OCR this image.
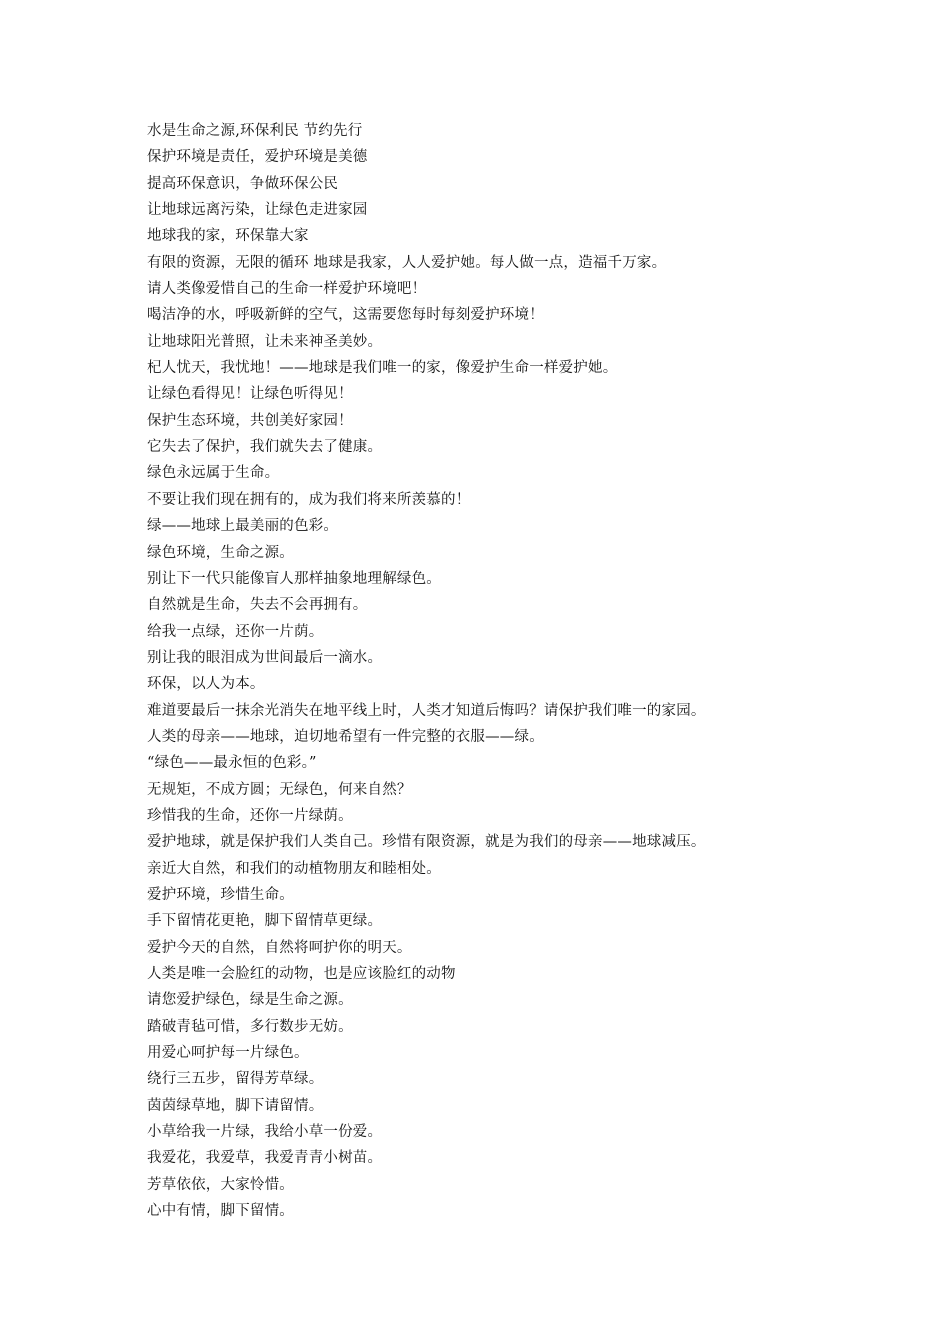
水是生命之源,环保利民 节约先行
保护环境是责任，爱护环境是美德
提高环保意识，争做环保公民
让地球远离污染，让绿色走进家园
地球我的家，环保靠大家
有限的资源，无限的循环 地球是我家，人人爱护她。每人做一点，造福千万家。
请人类像爱惜自己的生命一样爱护环境吧！
喝洁净的水，呼吸新鲜的空气，这需要您每时每刻爱护环境！
让地球阳光普照，让未来神圣美妙。
杞人忧天，我忧地！——地球是我们唯一的家，像爱护生命一样爱护她。
让绿色看得见！让绿色听得见！
保护生态环境，共创美好家园！
它失去了保护，我们就失去了健康。
绿色永远属于生命。
不要让我们现在拥有的，成为我们将来所羡慕的！
绿——地球上最美丽的色彩。
绿色环境，生命之源。
别让下一代只能像盲人那样抽象地理解绿色。
自然就是生命，失去不会再拥有。
给我一点绿，还你一片荫。
别让我的眼泪成为世间最后一滴水。
环保，以人为本。
难道要最后一抹余光消失在地平线上时，人类才知道后悔吗？请保护我们唯一的家园。
人类的母亲——地球，迫切地希望有一件完整的衣服——绿。
“绿色——最永恒的色彩。”
无规矩，不成方圆；无绿色，何来自然？
珍惜我的生命，还你一片绿荫。
爱护地球，就是保护我们人类自己。珍惜有限资源，就是为我们的母亲——地球减压。
亲近大自然，和我们的动植物朋友和睦相处。
爱护环境，珍惜生命。
手下留情花更艳，脚下留情草更绿。
爱护今天的自然，自然将呵护你的明天。
人类是唯一会脸红的动物，也是应该脸红的动物
请您爱护绿色，绿是生命之源。
踏破青毡可惜，多行数步无妨。
用爱心呵护每一片绿色。
绕行三五步，留得芳草绿。
茵茵绿草地，脚下请留情。
小草给我一片绿，我给小草一份爱。
我爱花，我爱草，我爱青青小树苗。
芳草依依，大家怜惜。
心中有情，脚下留情。
